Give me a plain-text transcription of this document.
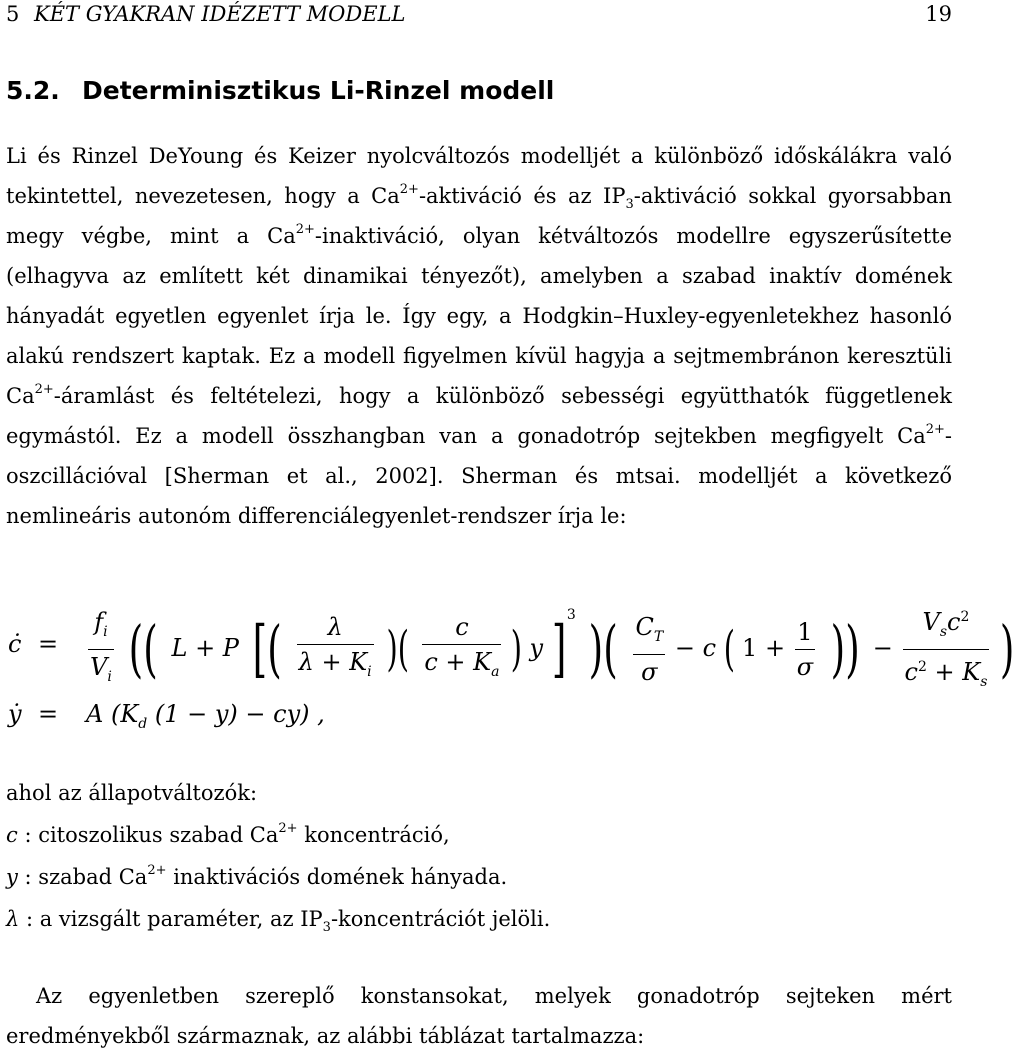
5 KÉT GYAKRAN IDÉZETT MODELL	19
5.2. Determinisztikus Li-Rinzel modell
Li és Rinzel DeYoung és Keizer nyolcváltozós modelljét a különböző időskálákra való tekintettel, nevezetesen, hogy a $Ca^{2+}$-aktiváció és az $IP_3$-aktiváció sokkal gyorsabban megy végbe, mint a $Ca^{2+}$-inaktiváció, olyan kétváltozós modellre egyszerűsítette (elhagyva az említett két dinamikai tényezőt), amelyben a szabad inaktív domének hányadát egyetlen egyenlet írja le. Így egy, a Hodgkin–Huxley-egyenletekhez hasonló alakú rendszert kaptak. Ez a modell figyelmen kívül hagyja a sejtmembránon keresztüli $Ca^{2+}$-áramlást és feltételezi, hogy a különböző sebességi együtthatók függetlenek egymástól. Ez a modell összhangban van a gonadotróp sejtekben megfigyelt $Ca^{2+}$-oszcillációval [Sherman et al., 2002]. Sherman és mtsai. modelljét a következő nemlineáris autonóm differenciálegyenlet-rendszer írja le:
ċ = $\frac{f_i}{V_i}$ (( L + P [( $\frac{\lambda}{\lambda + K_i}$ )( $\frac{c}{c + K_a}$ ) y ]$^3$ )( $\frac{C_T}{\sigma} - c$ ( $1 + \frac{1}{\sigma}$ )) −
$V_sc^2$
$c^2 + K_s$ )
ẏ = A ($K_d$ (1 − y) − cy) ,
ahol az állapotváltozók:
c : citoszolikus szabad $Ca^{2+}$ koncentráció,
y : szabad $Ca^{2+}$ inaktivációs domének hányada.
λ : a vizsgált paraméter, az $IP_3$-koncentrációt jelöli.
Az egyenletben szereplő konstansokat, melyek gonadotróp sejteken mért eredményekből származnak, az alábbi táblázat tartalmazza:
